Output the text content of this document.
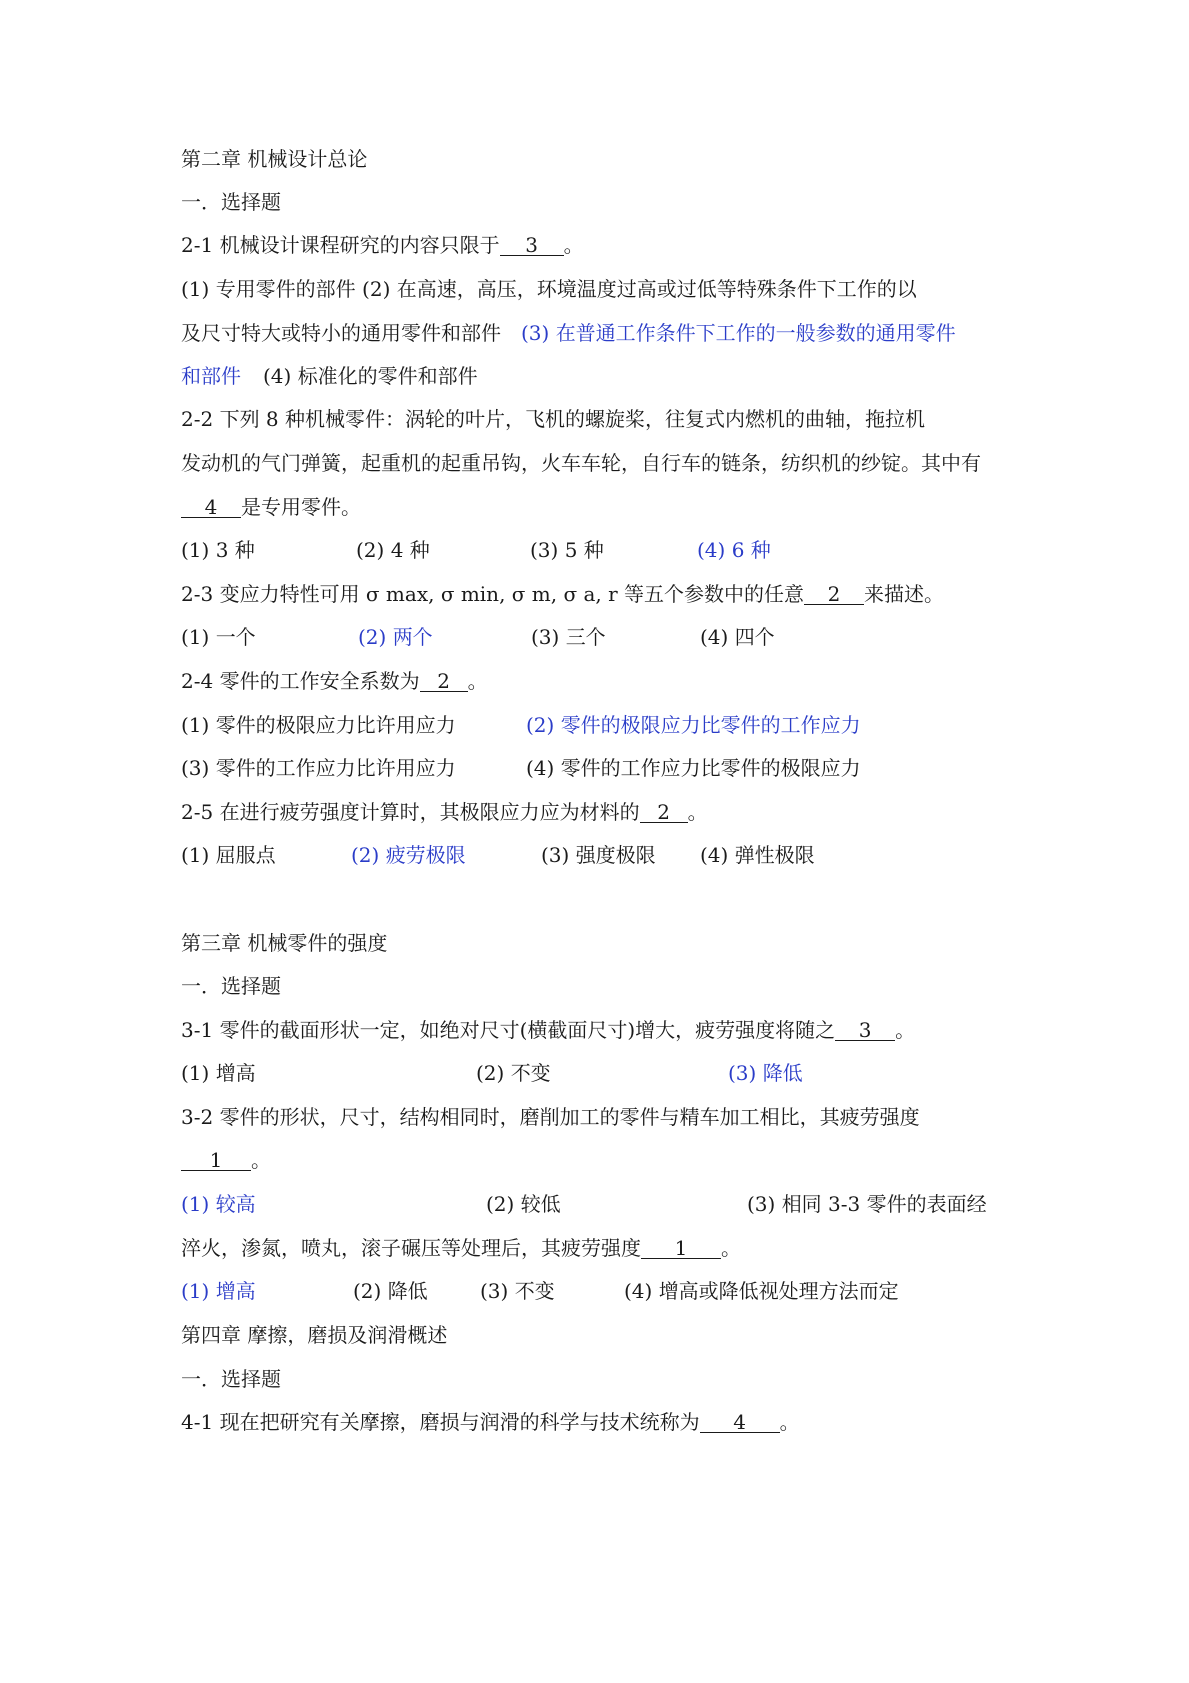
第二章 机械设计总论
一．选择题
2-1 机械设计课程研究的内容只限于 3 。
(1) 专用零件的部件 (2) 在高速，高压，环境温度过高或过低等特殊条件下工作的以
及尺寸特大或特小的通用零件和部件 (3) 在普通工作条件下工作的一般参数的通用零件
和部件 (4) 标准化的零件和部件
2-2 下列 8 种机械零件：涡轮的叶片，飞机的螺旋桨，往复式内燃机的曲轴，拖拉机
发动机的气门弹簧，起重机的起重吊钩，火车车轮，自行车的链条，纺织机的纱锭。其中有
4 是专用零件。
(1) 3 种	(2) 4 种	(3) 5 种	(4) 6 种
2-3 变应力特性可用 σ max, σ min, σ m, σ a, r 等五个参数中的任意 2 来描述。
(1) 一个	(2) 两个	(3) 三个	(4) 四个
2-4 零件的工作安全系数为 2 。
(1) 零件的极限应力比许用应力	(2) 零件的极限应力比零件的工作应力
(3) 零件的工作应力比许用应力	(4) 零件的工作应力比零件的极限应力
2-5 在进行疲劳强度计算时，其极限应力应为材料的 2 。
(1) 屈服点	(2) 疲劳极限	(3) 强度极限 (4) 弹性极限
第三章 机械零件的强度
一．选择题
3-1 零件的截面形状一定，如绝对尺寸(横截面尺寸)增大，疲劳强度将随之 3 。
(1) 增高	(2) 不变	(3) 降低
3-2 零件的形状，尺寸，结构相同时，磨削加工的零件与精车加工相比，其疲劳强度
1 。
(1) 较高	(2) 较低	(3) 相同 3-3 零件的表面经
淬火，渗氮，喷丸，滚子碾压等处理后，其疲劳强度 1 。
(1) 增高	(2) 降低	(3) 不变	(4) 增高或降低视处理方法而定
第四章 摩擦，磨损及润滑概述
一．选择题
4-1 现在把研究有关摩擦，磨损与润滑的科学与技术统称为 4 。
